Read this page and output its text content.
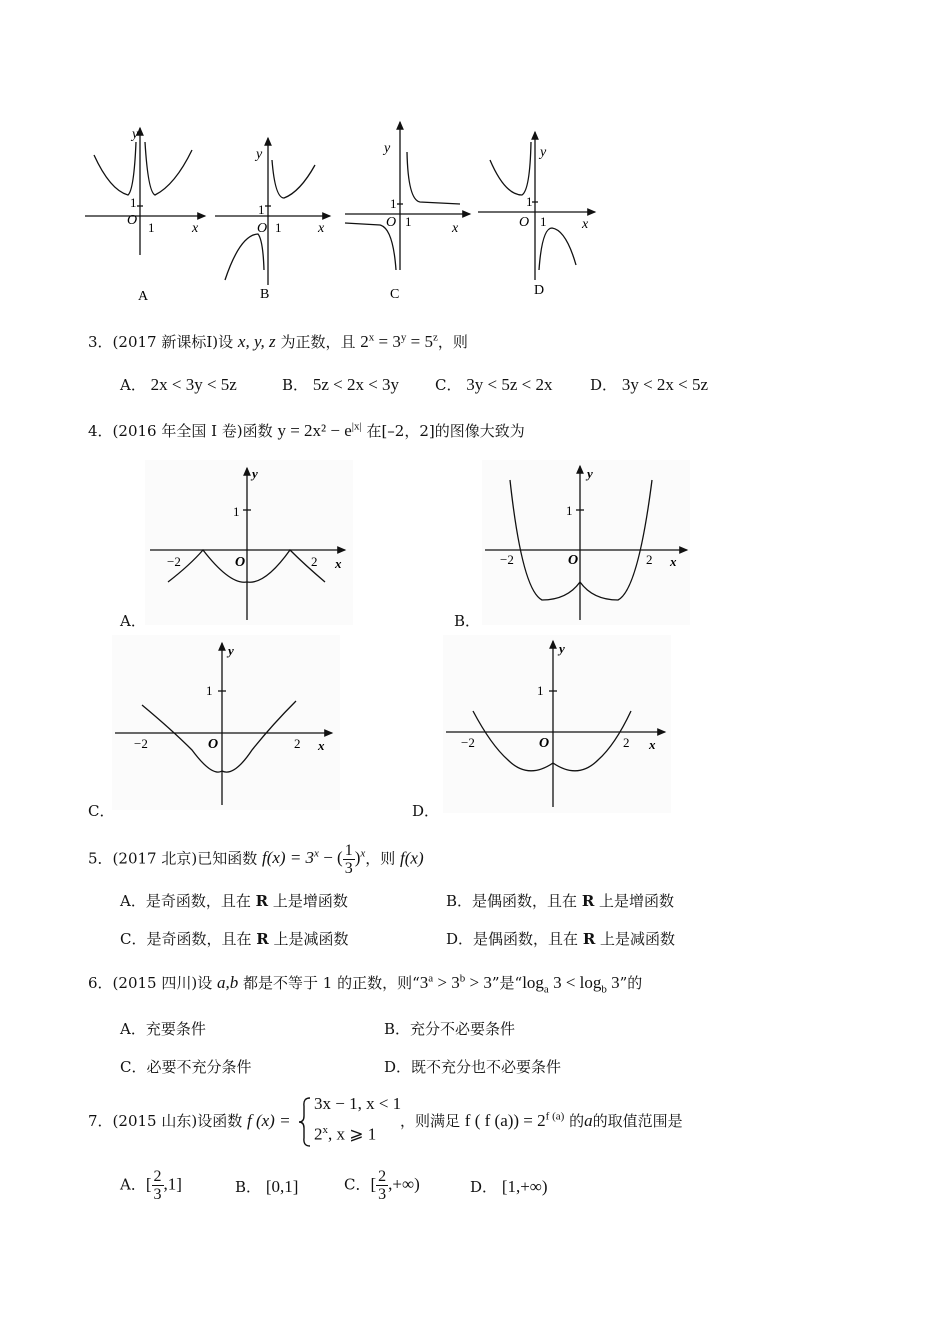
O 1
1
y
x	O 1
1
y
x	O 1
1
y
x	O 1
1
y
x
A	B	C	D
3．(2017 新课标Ⅰ)设 x, y, z 为正数，且 $2^x = 3^y = 5^z$，则
A． 2x < 3y < 5z	B． 5z < 2x < 3y C． 3y < 5z < 2x	D． 3y < 2x < 5z
4．(2016 年全国 I 卷)函数 $y = 2x^2 - e^{|x|}$ 在[–2，2]的图像大致为
y
1
O
−2	2 x
A．
y
1
O
−2	2 x
B．
y
1
O
−2	2 x
C．
y
1
O
−2	2 x
D．
5．(2017 北京)已知函数 $f(x) = 3^x$ − ( $\frac{1}{3} )^x$，则 f(x)
A．是奇函数，且在 R 上是增函数	B．是偶函数，且在 R 上是增函数
C．是奇函数，且在 R 上是减函数	D．是偶函数，且在 R 上是减函数
6．(2015 四川)设 a,b 都是不等于 1 的正数，则“$3^a > 3^b > 3$”是“$\log_a$ $3 < \log_b 3$”的
A．充要条件	B．充分不必要条件
C．必要不充分条件	D．既不充分也不必要条件
7．(2015 山东)设函数 f (x) =
3x − 1, x < 1
2$^x$, x ⩾ 1
，则满足 f ( f $(a)) = 2^{f (a)}$ 的a的取值范围是
A．[ $\frac{2}{3} ,1$]	B． [0,1]	C．[ $\frac{2}{3}$ ,+∞)	D． [1,+∞)
